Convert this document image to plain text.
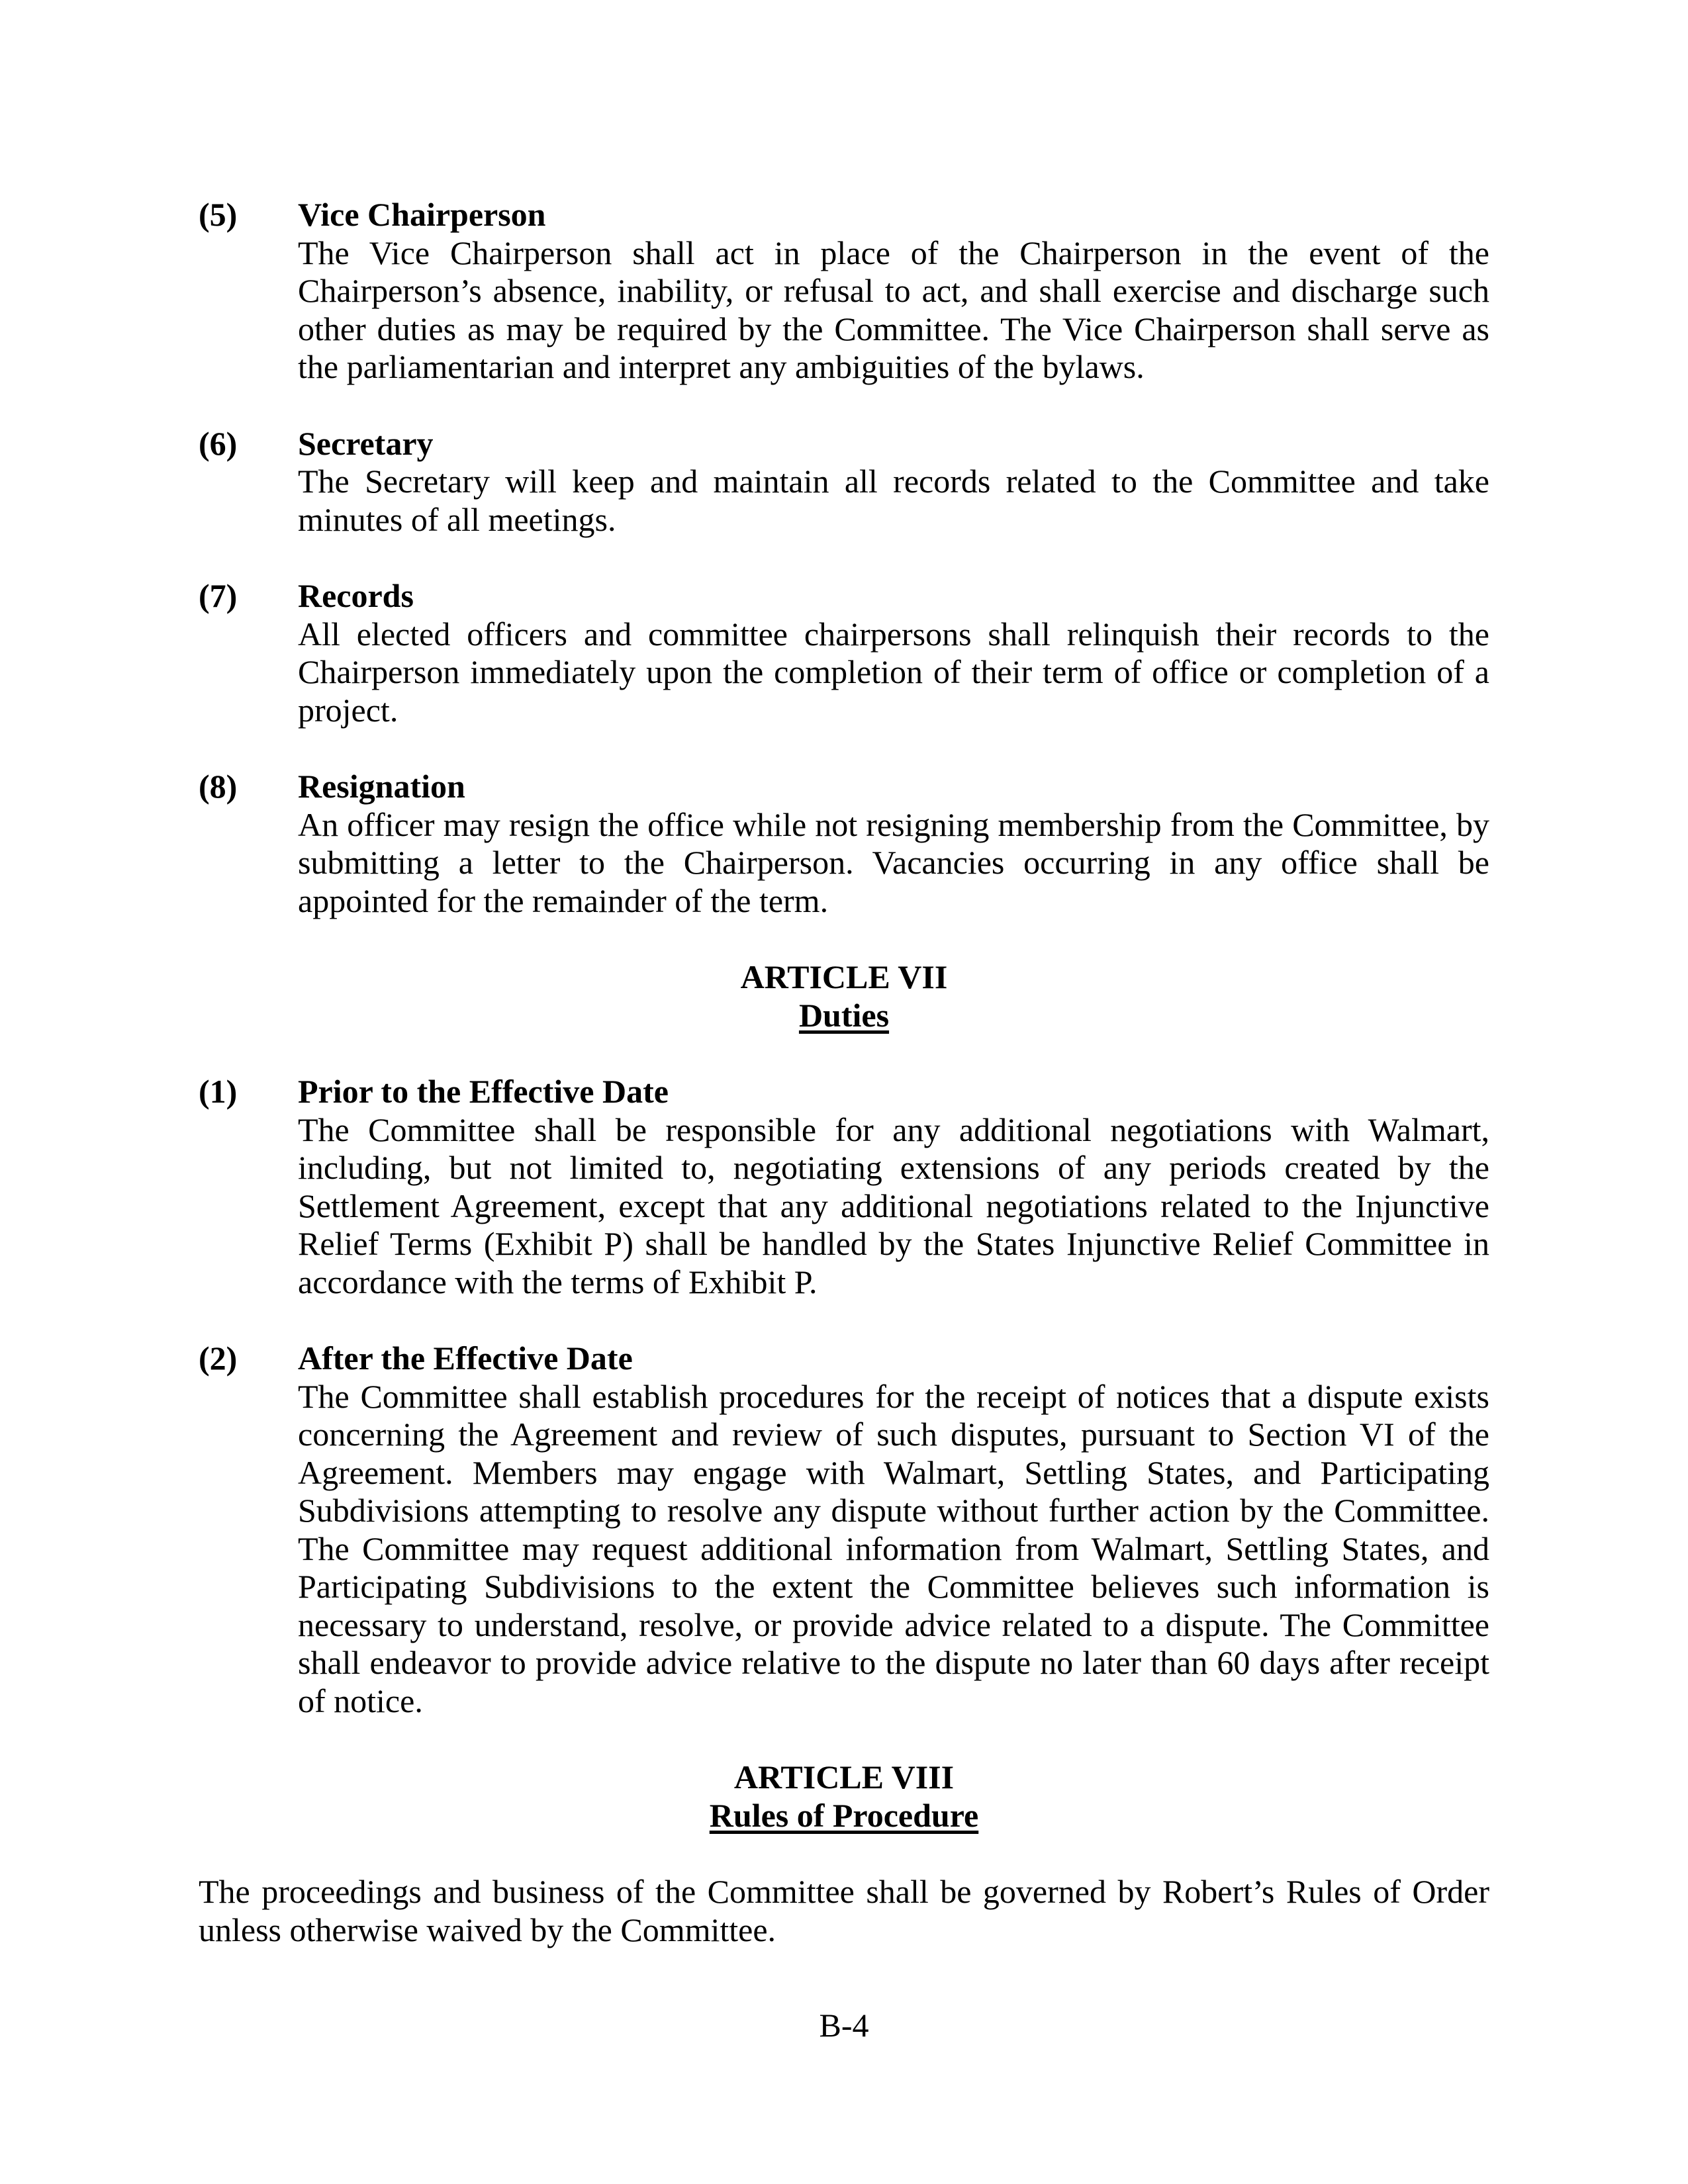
(5) Vice Chairperson
The Vice Chairperson shall act in place of the Chairperson in the event of the Chairperson’s absence, inability, or refusal to act, and shall exercise and discharge such other duties as may be required by the Committee. The Vice Chairperson shall serve as the parliamentarian and interpret any ambiguities of the bylaws.
(6) Secretary
The Secretary will keep and maintain all records related to the Committee and take minutes of all meetings.
(7) Records
All elected officers and committee chairpersons shall relinquish their records to the Chairperson immediately upon the completion of their term of office or completion of a project.
(8) Resignation
An officer may resign the office while not resigning membership from the Committee, by submitting a letter to the Chairperson. Vacancies occurring in any office shall be appointed for the remainder of the term.
ARTICLE VII
Duties
(1) Prior to the Effective Date
The Committee shall be responsible for any additional negotiations with Walmart, including, but not limited to, negotiating extensions of any periods created by the Settlement Agreement, except that any additional negotiations related to the Injunctive Relief Terms (Exhibit P) shall be handled by the States Injunctive Relief Committee in accordance with the terms of Exhibit P.
(2) After the Effective Date
The Committee shall establish procedures for the receipt of notices that a dispute exists concerning the Agreement and review of such disputes, pursuant to Section VI of the Agreement. Members may engage with Walmart, Settling States, and Participating Subdivisions attempting to resolve any dispute without further action by the Committee. The Committee may request additional information from Walmart, Settling States, and Participating Subdivisions to the extent the Committee believes such information is necessary to understand, resolve, or provide advice related to a dispute. The Committee shall endeavor to provide advice relative to the dispute no later than 60 days after receipt of notice.
ARTICLE VIII
Rules of Procedure
The proceedings and business of the Committee shall be governed by Robert’s Rules of Order unless otherwise waived by the Committee.
B-4
